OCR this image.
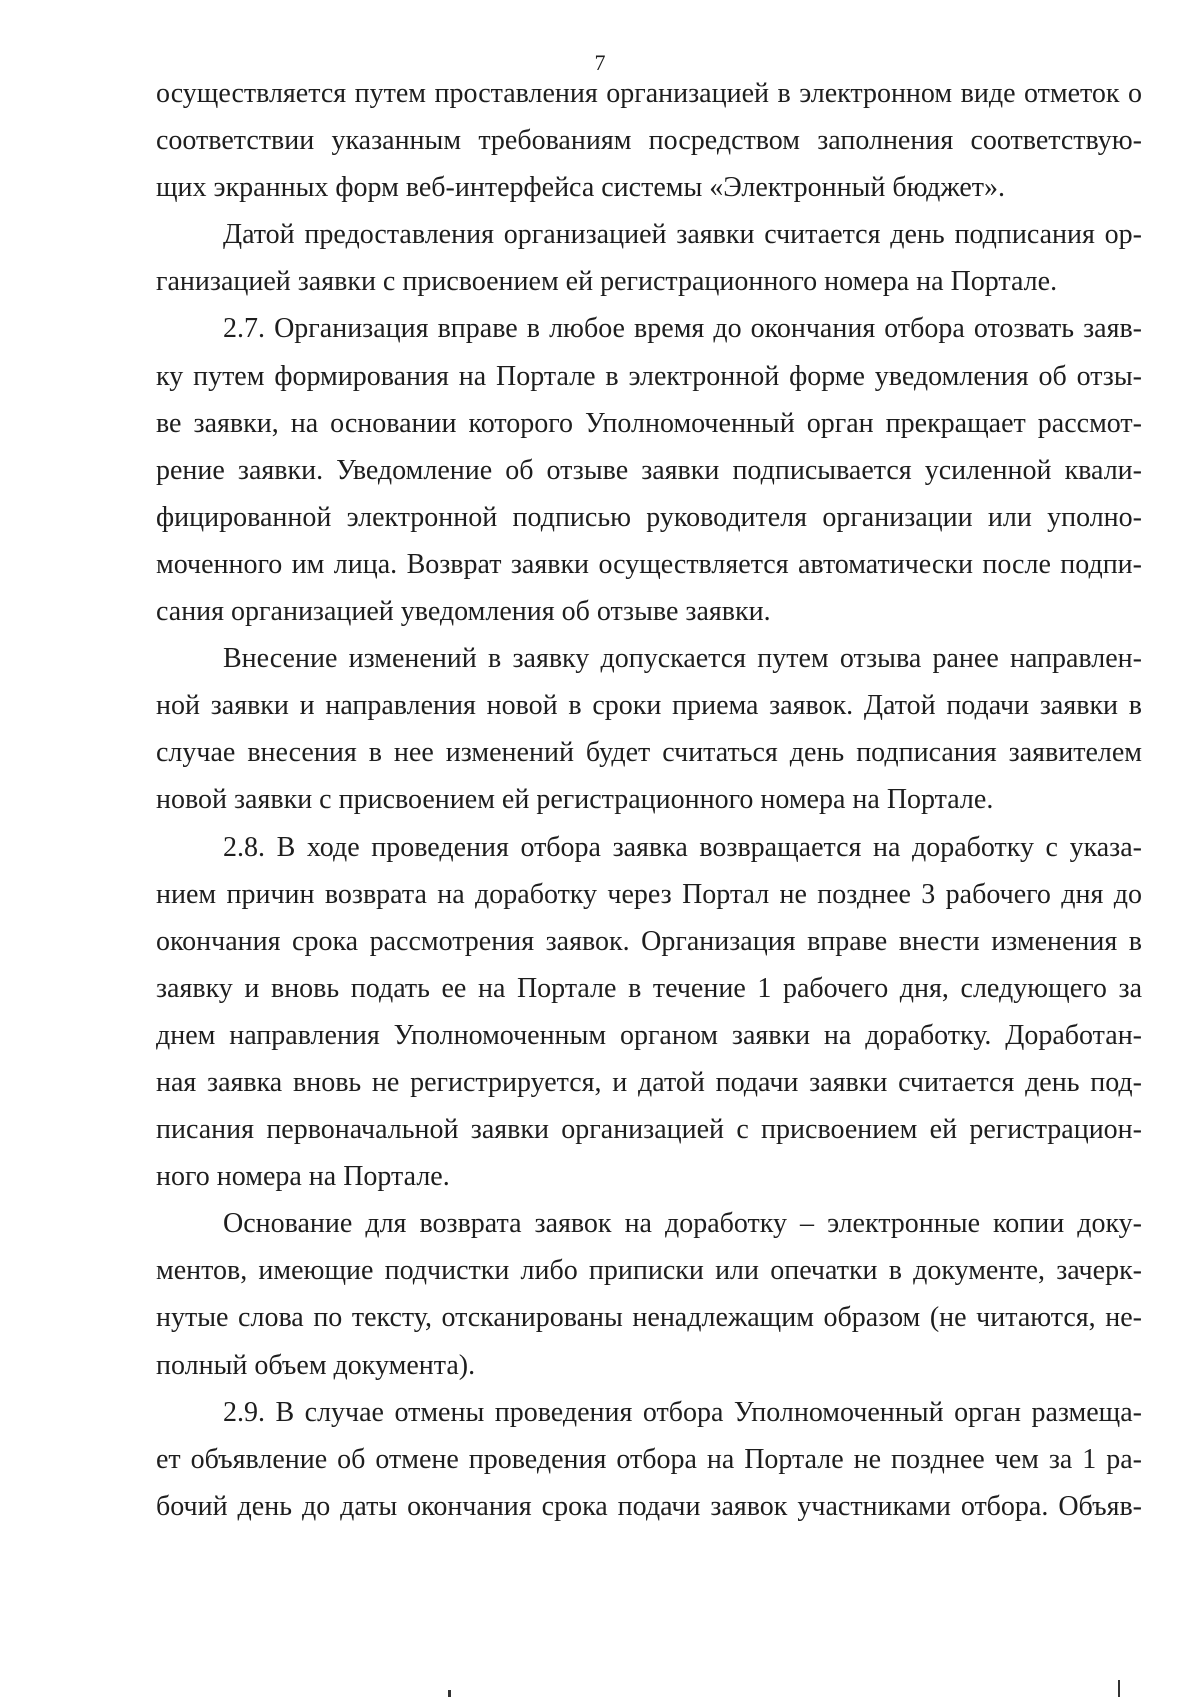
7
осуществляется путем проставления организацией в электронном виде отметок о
соответствии указанным требованиям посредством заполнения соответствую-
щих экранных форм веб-интерфейса системы «Электронный бюджет».
Датой предоставления организацией заявки считается день подписания ор-
ганизацией заявки с присвоением ей регистрационного номера на Портале.
2.7. Организация вправе в любое время до окончания отбора отозвать заяв-
ку путем формирования на Портале в электронной форме уведомления об отзы-
ве заявки, на основании которого Уполномоченный орган прекращает рассмот-
рение заявки. Уведомление об отзыве заявки подписывается усиленной квали-
фицированной электронной подписью руководителя организации или уполно-
моченного им лица. Возврат заявки осуществляется автоматически после подпи-
сания организацией уведомления об отзыве заявки.
Внесение изменений в заявку допускается путем отзыва ранее направлен-
ной заявки и направления новой в сроки приема заявок. Датой подачи заявки в
случае внесения в нее изменений будет считаться день подписания заявителем
новой заявки с присвоением ей регистрационного номера на Портале.
2.8. В ходе проведения отбора заявка возвращается на доработку с указа-
нием причин возврата на доработку через Портал не позднее 3 рабочего дня до
окончания срока рассмотрения заявок. Организация вправе внести изменения в
заявку и вновь подать ее на Портале в течение 1 рабочего дня, следующего за
днем направления Уполномоченным органом заявки на доработку. Доработан-
ная заявка вновь не регистрируется, и датой подачи заявки считается день под-
писания первоначальной заявки организацией с присвоением ей регистрацион-
ного номера на Портале.
Основание для возврата заявок на доработку – электронные копии доку-
ментов, имеющие подчистки либо приписки или опечатки в документе, зачерк-
нутые слова по тексту, отсканированы ненадлежащим образом (не читаются, не-
полный объем документа).
2.9. В случае отмены проведения отбора Уполномоченный орган размеща-
ет объявление об отмене проведения отбора на Портале не позднее чем за 1 ра-
бочий день до даты окончания срока подачи заявок участниками отбора. Объяв-
